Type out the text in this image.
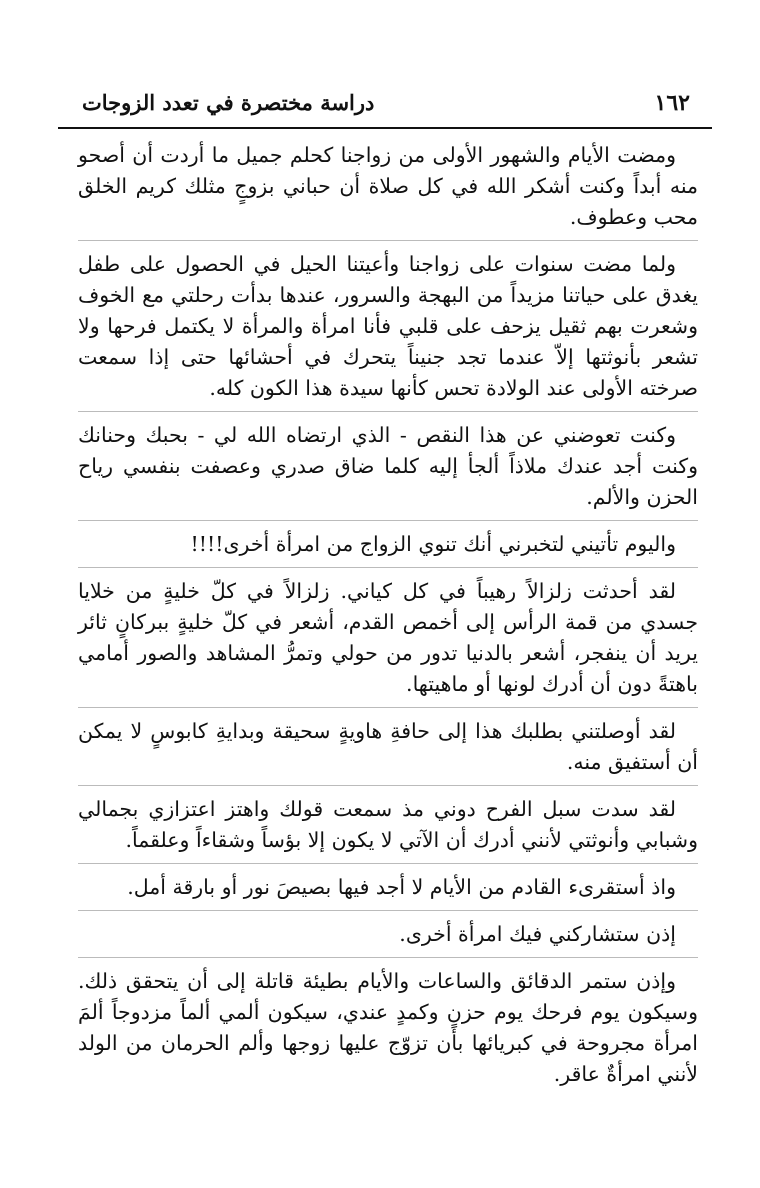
١٦٢
دراسة مختصرة في تعدد الزوجات

ومضت الأيام والشهور الأولى من زواجنا كحلم جميل ما أردت أن أصحو منه أبداً وكنت أشكر الله في كل صلاة أن حباني بزوجٍ مثلك كريم الخلق محب وعطوف.

ولما مضت سنوات على زواجنا وأعيتنا الحيل في الحصول على طفل يغدق على حياتنا مزيداً من البهجة والسرور، عندها بدأت رحلتي مع الخوف وشعرت بهم ثقيل يزحف على قلبي فأنا امرأة والمرأة لا يكتمل فرحها ولا تشعر بأنوثتها إلاّ عندما تجد جنيناً يتحرك في أحشائها حتى إذا سمعت صرخته الأولى عند الولادة تحس كأنها سيدة هذا الكون كله.

وكنت تعوضني عن هذا النقص - الذي ارتضاه الله لي - بحبك وحنانك وكنت أجد عندك ملاذاً ألجأ إليه كلما ضاق صدري وعصفت بنفسي رياح الحزن والألم.

واليوم تأتيني لتخبرني أنك تنوي الزواج من امرأة أخرى!!!!

لقد أحدثت زلزالاً رهيباً في كل كياني. زلزالاً في كلّ خليةٍ من خلايا جسدي من قمة الرأس إلى أخمص القدم، أشعر في كلّ خليةٍ ببركانٍ ثائر يريد أن ينفجر، أشعر بالدنيا تدور من حولي وتمرُّ المشاهد والصور أمامي باهتةً دون أن أدرك لونها أو ماهيتها.

لقد أوصلتني بطلبك هذا إلى حافةِ هاويةٍ سحيقة وبدايةِ كابوسٍ لا يمكن أن أستفيق منه.

لقد سدت سبل الفرح دوني مذ سمعت قولك واهتز اعتزازي بجمالي وشبابي وأنوثتي لأنني أدرك أن الآتي لا يكون إلا بؤساً وشقاءاً وعلقماً.

واذ أستقرىء القادم من الأيام لا أجد فيها بصيصَ نور أو بارقة أمل.

إذن ستشاركني فيك امرأة أخرى.

وإذن ستمر الدقائق والساعات والأيام بطيئة قاتلة إلى أن يتحقق ذلك. وسيكون يوم فرحك يوم حزنٍ وكمدٍ عندي، سيكون ألمي ألماً مزدوجاً ألمَ امرأة مجروحة في كبريائها بأن تزوّج عليها زوجها وألم الحرمان من الولد لأنني امرأةٌ عاقر.
